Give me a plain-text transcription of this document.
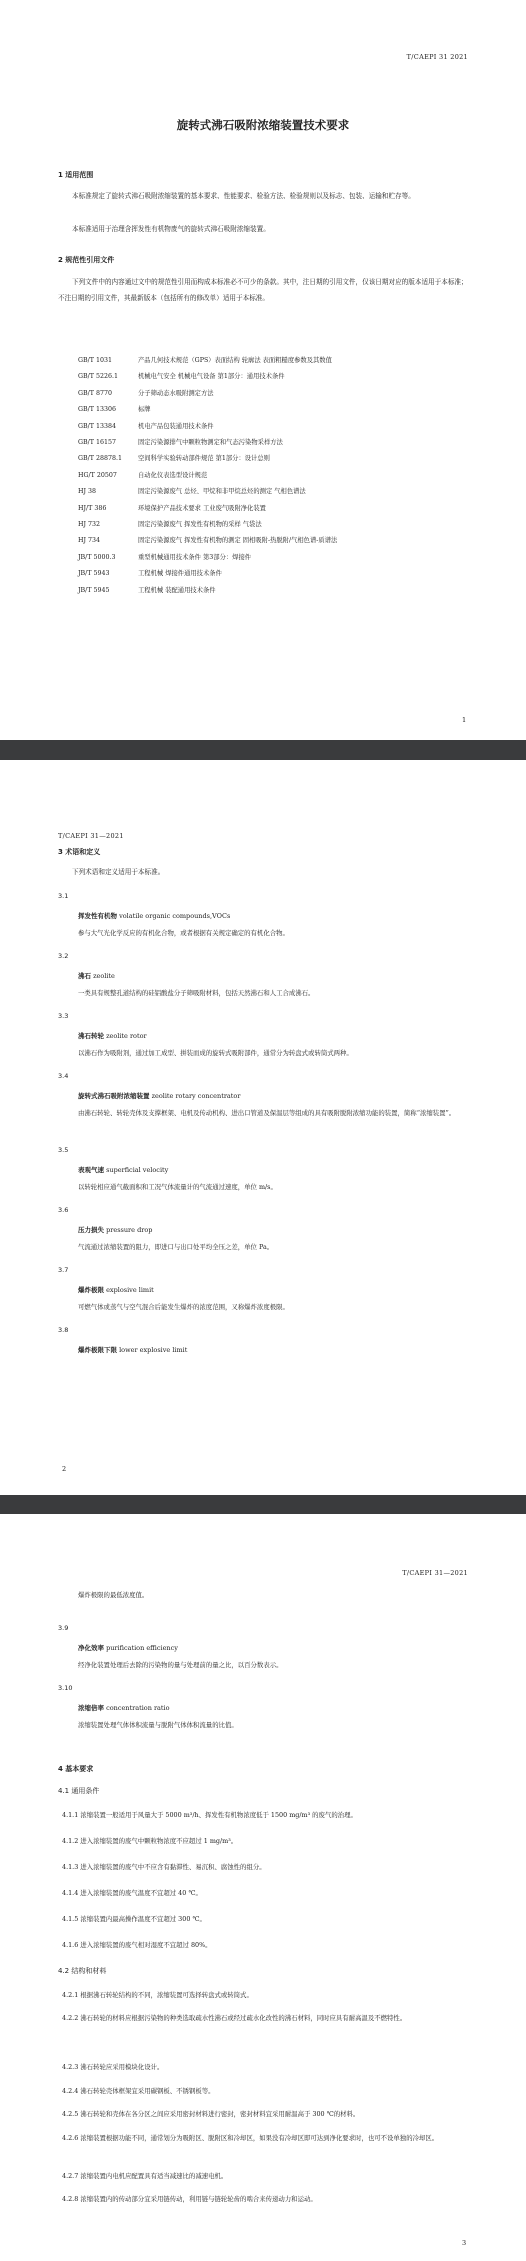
T/CAEPI 31 2021
旋转式沸石吸附浓缩装置技术要求
1 适用范围
本标准规定了旋转式沸石吸附浓缩装置的基本要求、性能要求、检验方法、检验规则以及标志、包装、运输和贮存等。
本标准适用于治理含挥发性有机物废气的旋转式沸石吸附浓缩装置。
2 规范性引用文件
下列文件中的内容通过文中的规范性引用而构成本标准必不可少的条款。其中，注日期的引用文件，仅该日期对应的版本适用于本标准；不注日期的引用文件，其最新版本（包括所有的修改单）适用于本标准。
GB/T 1031	产品几何技术规范（GPS）表面结构 轮廓法 表面粗糙度参数及其数值
GB/T 5226.1	机械电气安全 机械电气设备 第1部分：通用技术条件
GB/T 8770	分子筛动态水吸附测定方法
GB/T 13306	标牌
GB/T 13384	机电产品包装通用技术条件
GB/T 16157	固定污染源排气中颗粒物测定和气态污染物采样方法
GB/T 28878.1	空间科学实验转动部件规范 第1部分：设计总则
HG/T 20507	自动化仪表选型设计规范
HJ 38	固定污染源废气 总烃、甲烷和非甲烷总烃的测定 气相色谱法
HJ/T 386	环境保护产品技术要求 工业废气吸附净化装置
HJ 732	固定污染源废气 挥发性有机物的采样 气袋法
HJ 734	固定污染源废气 挥发性有机物的测定 固相吸附-热脱附/气相色谱-质谱法
JB/T 5000.3	重型机械通用技术条件 第3部分：焊接件
JB/T 5943	工程机械 焊接件通用技术条件
JB/T 5945	工程机械 装配通用技术条件
1
T/CAEPI 31—2021
3 术语和定义
下列术语和定义适用于本标准。
3.1
挥发性有机物 volatile organic compounds,VOCs
参与大气光化学反应的有机化合物，或者根据有关规定确定的有机化合物。
3.2
沸石 zeolite
一类具有规整孔道结构的硅铝酸盐分子筛吸附材料，包括天然沸石和人工合成沸石。
3.3
沸石转轮 zeolite rotor
以沸石作为吸附剂，通过加工成型、拼装而成的旋转式吸附部件，通常分为转盘式或转筒式两种。
3.4
旋转式沸石吸附浓缩装置 zeolite rotary concentrator
由沸石转轮、转轮壳体及支撑框架、电机及传动机构、进出口管道及保温层等组成的具有吸附脱附浓缩功能的装置，简称“浓缩装置”。
3.5
表观气速 superficial velocity
以转轮相应通气截面积和工况气体流量计的气流通过速度，单位 m/s。
3.6
压力损失 pressure drop
气流通过浓缩装置的阻力，即进口与出口处平均全压之差，单位 Pa。
3.7
爆炸极限 explosive limit
可燃气体或蒸气与空气混合后能发生爆炸的浓度范围，又称爆炸浓度极限。
3.8
爆炸极限下限 lower explosive limit
2
T/CAEPI 31—2021
爆炸极限的最低浓度值。
3.9
净化效率 purification efficiency
经净化装置处理后去除的污染物的量与处理前的量之比，以百分数表示。
3.10
浓缩倍率 concentration ratio
浓缩装置处理气体体积流量与脱附气体体积流量的比值。
4 基本要求
4.1 通用条件
4.1.1 浓缩装置一般适用于风量大于 5000 m³/h、挥发性有机物浓度低于 1500 mg/m³ 的废气的治理。
4.1.2 进入浓缩装置的废气中颗粒物浓度不应超过 1 mg/m³。
4.1.3 进入浓缩装置的废气中不应含有黏滞性、易沉积、腐蚀性的组分。
4.1.4 进入浓缩装置的废气温度不宜超过 40 ℃。
4.1.5 浓缩装置内最高操作温度不宜超过 300 ℃。
4.1.6 进入浓缩装置的废气相对湿度不宜超过 80%。
4.2 结构和材料
4.2.1 根据沸石转轮结构的不同，浓缩装置可选择转盘式或转筒式。
4.2.2 沸石转轮的材料应根据污染物的种类选取疏水性沸石或经过疏水化改性的沸石材料，同时应具有耐高温及不燃特性。
4.2.3 沸石转轮应采用模块化设计。
4.2.4 沸石转轮壳体框架宜采用碳钢板、不锈钢板等。
4.2.5 沸石转轮和壳体在各分区之间应采用密封材料进行密封，密封材料宜采用耐温高于 300 ℃的材料。
4.2.6 浓缩装置根据功能不同，通常划分为吸附区、脱附区和冷却区，如果没有冷却区即可达到净化要求时，也可不设单独的冷却区。
4.2.7 浓缩装置内电机应配置具有适当减速比的减速电机。
4.2.8 浓缩装置内的传动部分宜采用链传动，利用链与链轮轮齿的啮合来传递动力和运动。
3
